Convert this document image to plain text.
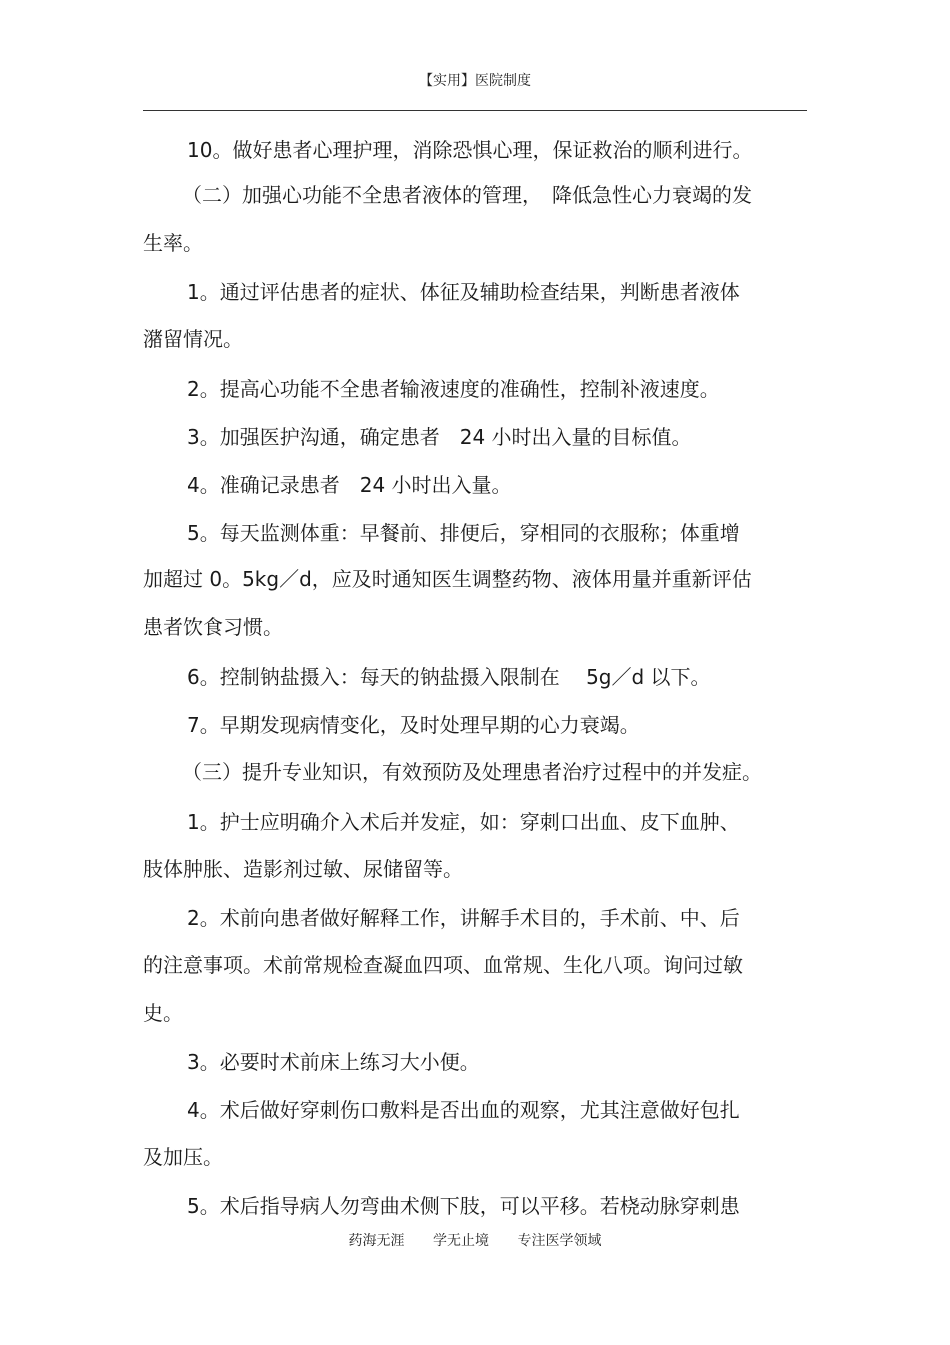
【实用】医院制度
10。做好患者心理护理，消除恐惧心理，保证救治的顺利进行。
（二）加强心功能不全患者液体的管理，　降低急性心力衰竭的发
生率。
1。通过评估患者的症状、体征及辅助检查结果，判断患者液体
潴留情况。
2。提高心功能不全患者输液速度的准确性，控制补液速度。
3。加强医护沟通，确定患者　24 小时出入量的目标值。
4。准确记录患者　24 小时出入量。
5。每天监测体重：早餐前、排便后，穿相同的衣服称；体重增
加超过 0。5kg／d，应及时通知医生调整药物、液体用量并重新评估
患者饮食习惯。
6。控制钠盐摄入：每天的钠盐摄入限制在　 5g／d 以下。
7。早期发现病情变化，及时处理早期的心力衰竭。
（三）提升专业知识，有效预防及处理患者治疗过程中的并发症。
1。护士应明确介入术后并发症，如：穿刺口出血、皮下血肿、
肢体肿胀、造影剂过敏、尿储留等。
2。术前向患者做好解释工作，讲解手术目的，手术前、中、后
的注意事项。术前常规检查凝血四项、血常规、生化八项。询问过敏
史。
3。必要时术前床上练习大小便。
4。术后做好穿刺伤口敷料是否出血的观察，尤其注意做好包扎
及加压。
5。术后指导病人勿弯曲术侧下肢，可以平移。若桡动脉穿刺患
药海无涯 学无止境 专注医学领域
